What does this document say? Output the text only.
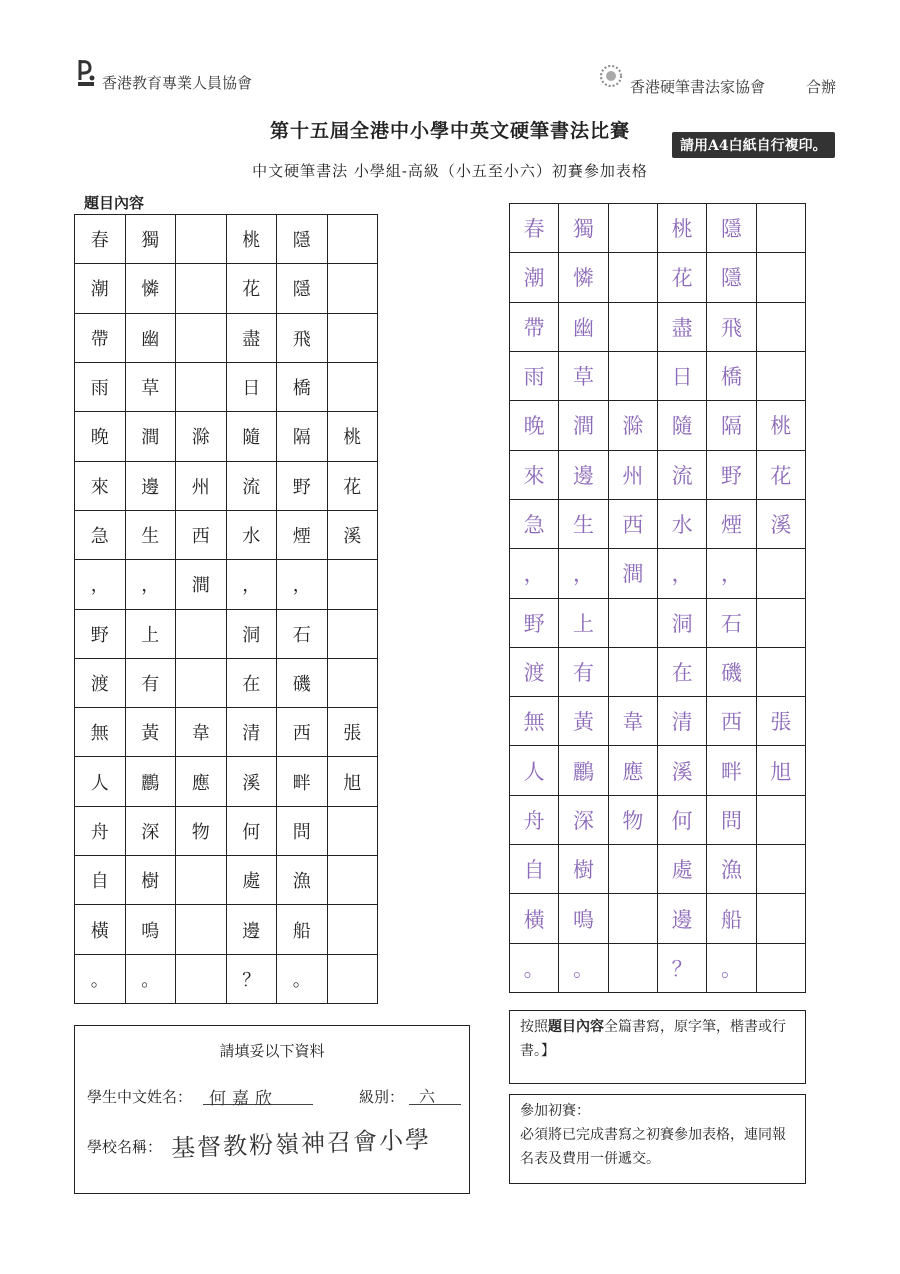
香港教育專業人員協會	香港硬筆書法家協會	合辦
第十五屆全港中小學中英文硬筆書法比賽
請用A4白紙自行複印。
中文硬筆書法 小學組-高級（小五至小六）初賽參加表格
題目內容
春	獨		桃	隱	
潮	憐		花	隱	
帶	幽		盡	飛	
雨	草		日	橋	
晚	澗	滁	隨	隔	桃
來	邊	州	流	野	花
急	生	西	水	煙	溪
，	，	澗	，	，	
野	上		洞	石	
渡	有		在	磯	
無	黃	韋	清	西	張
人	鸝	應	溪	畔	旭
舟	深	物	何	問	
自	樹		處	漁	
橫	鳴		邊	船	
。	。		？	。	
春	獨		桃	隱	
潮	憐		花	隱	
帶	幽		盡	飛	
雨	草		日	橋	
晚	澗	滁	隨	隔	桃
來	邊	州	流	野	花
急	生	西	水	煙	溪
，	，	澗	，	，	
野	上		洞	石	
渡	有		在	磯	
無	黃	韋	清	西	張
人	鸝	應	溪	畔	旭
舟	深	物	何	問	
自	樹		處	漁	
橫	鳴		邊	船	
。	。		？	。	
請填妥以下資料
學生中文姓名： 何嘉欣	級別： 六
學校名稱： 基督教粉嶺神召會小學
按照題目內容全篇書寫，原字筆，楷書或行書。】
參加初賽：
必須將已完成書寫之初賽參加表格，連同報名表及費用一併遞交。
